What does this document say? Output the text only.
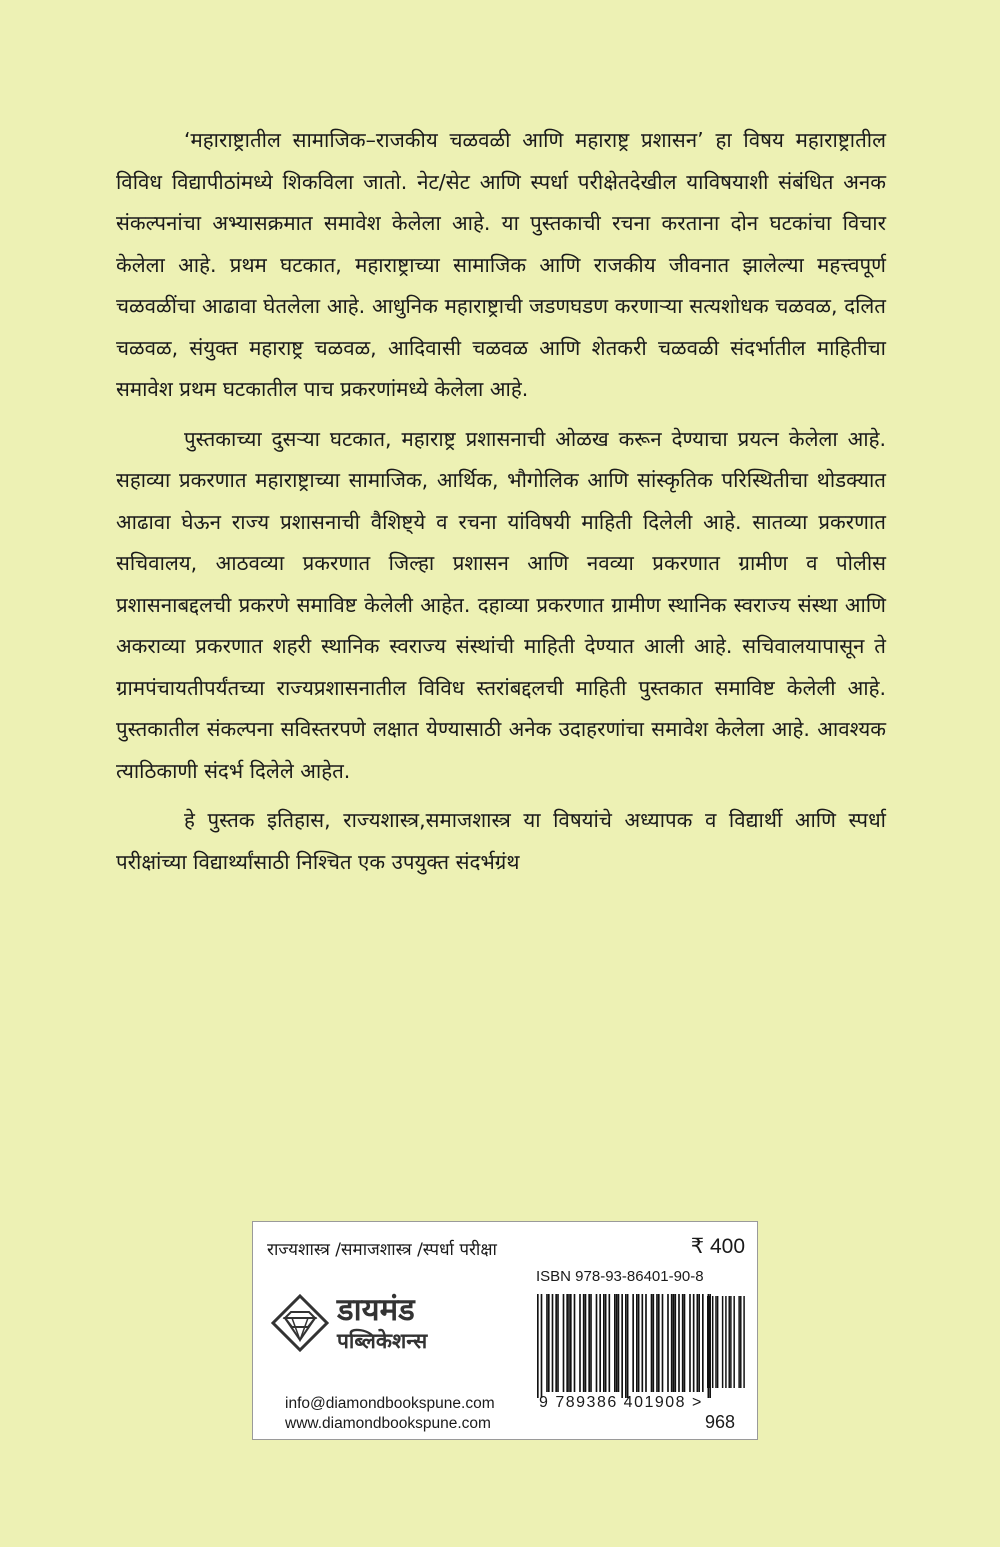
‘महाराष्ट्रातील सामाजिक–राजकीय चळवळी आणि महाराष्ट्र प्रशासन’ हा विषय महाराष्ट्रातील विविध विद्यापीठांमध्ये शिकविला जातो. नेट/सेट आणि स्पर्धा परीक्षेतदेखील याविषयाशी संबंधित अनक संकल्पनांचा अभ्यासक्रमात समावेश केलेला आहे. या पुस्तकाची रचना करताना दोन घटकांचा विचार केलेला आहे. प्रथम घटकात, महाराष्ट्राच्या सामाजिक आणि राजकीय जीवनात झालेल्या महत्त्वपूर्ण चळवळींचा आढावा घेतलेला आहे. आधुनिक महाराष्ट्राची जडणघडण करणाऱ्या सत्यशोधक चळवळ, दलित चळवळ, संयुक्त महाराष्ट्र चळवळ, आदिवासी चळवळ आणि शेतकरी चळवळी संदर्भातील माहितीचा समावेश प्रथम घटकातील पाच प्रकरणांमध्ये केलेला आहे.

पुस्तकाच्या दुसऱ्या घटकात, महाराष्ट्र प्रशासनाची ओळख करून देण्याचा प्रयत्न केलेला आहे. सहाव्या प्रकरणात महाराष्ट्राच्या सामाजिक, आर्थिक, भौगोलिक आणि सांस्कृतिक परिस्थितीचा थोडक्यात आढावा घेऊन राज्य प्रशासनाची वैशिष्ट्ये व रचना यांविषयी माहिती दिलेली आहे. सातव्या प्रकरणात सचिवालय, आठवव्या प्रकरणात जिल्हा प्रशासन आणि नवव्या प्रकरणात ग्रामीण व पोलीस प्रशासनाबद्दलची प्रकरणे समाविष्ट केलेली आहेत. दहाव्या प्रकरणात ग्रामीण स्थानिक स्वराज्य संस्था आणि अकराव्या प्रकरणात शहरी स्थानिक स्वराज्य संस्थांची माहिती देण्यात आली आहे. सचिवालयापासून ते ग्रामपंचायतीपर्यंतच्या राज्यप्रशासनातील विविध स्तरांबद्दलची माहिती पुस्तकात समाविष्ट केलेली आहे. पुस्तकातील संकल्पना सविस्तरपणे लक्षात येण्यासाठी अनेक उदाहरणांचा समावेश केलेला आहे. आवश्यक त्याठिकाणी संदर्भ दिलेले आहेत.

हे पुस्तक इतिहास, राज्यशास्त्र,समाजशास्त्र या विषयांचे अध्यापक व विद्यार्थी आणि स्पर्धा परीक्षांच्या विद्यार्थ्यांसाठी निश्चित एक उपयुक्त संदर्भग्रंथ

राज्यशास्त्र /समाजशास्त्र /स्पर्धा परीक्षा	₹ 400
ISBN 978-93-86401-90-8
डायमंड
पब्लिकेशन्स
info@diamondbookspune.com
www.diamondbookspune.com
9 789386 401908 >
968
